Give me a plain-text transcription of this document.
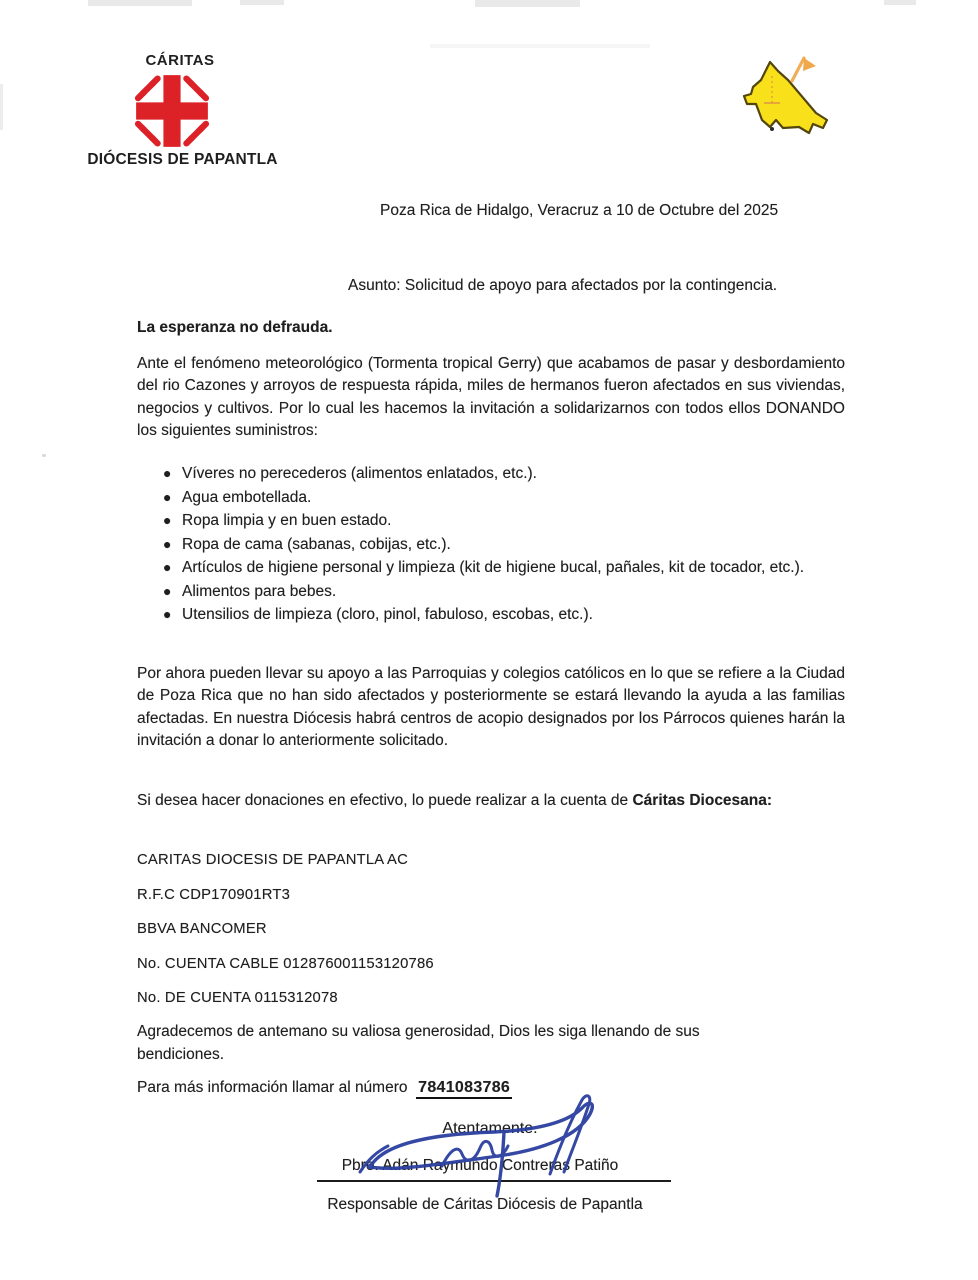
CÁRITAS
DIÓCESIS DE PAPANTLA
Poza Rica de Hidalgo, Veracruz a 10 de Octubre del 2025
Asunto: Solicitud de apoyo para afectados por la contingencia.
La esperanza no defrauda.
Ante el fenómeno meteorológico (Tormenta tropical Gerry) que acabamos de pasar y desbordamiento del rio Cazones y arroyos de respuesta rápida, miles de hermanos fueron afectados en sus viviendas, negocios y cultivos. Por lo cual les hacemos la invitación a solidarizarnos con todos ellos DONANDO los siguientes suministros:
● Víveres no perecederos (alimentos enlatados, etc.).
● Agua embotellada.
● Ropa limpia y en buen estado.
● Ropa de cama (sabanas, cobijas, etc.).
● Artículos de higiene personal y limpieza (kit de higiene bucal, pañales, kit de tocador, etc.).
● Alimentos para bebes.
● Utensilios de limpieza (cloro, pinol, fabuloso, escobas, etc.).
Por ahora pueden llevar su apoyo a las Parroquias y colegios católicos en lo que se refiere a la Ciudad de Poza Rica que no han sido afectados y posteriormente se estará llevando la ayuda a las familias afectadas. En nuestra Diócesis habrá centros de acopio designados por los Párrocos quienes harán la invitación a donar lo anteriormente solicitado.
Si desea hacer donaciones en efectivo, lo puede realizar a la cuenta de Cáritas Diocesana:
CARITAS DIOCESIS DE PAPANTLA AC
R.F.C CDP170901RT3
BBVA BANCOMER
No. CUENTA CABLE 012876001153120786
No. DE CUENTA 0115312078
Agradecemos de antemano su valiosa generosidad, Dios les siga llenando de sus
bendiciones.
Para más información llamar al número 7841083786
Atentamente.
Pbro. Adán Raymundo Contreras Patiño
Responsable de Cáritas Diócesis de Papantla
